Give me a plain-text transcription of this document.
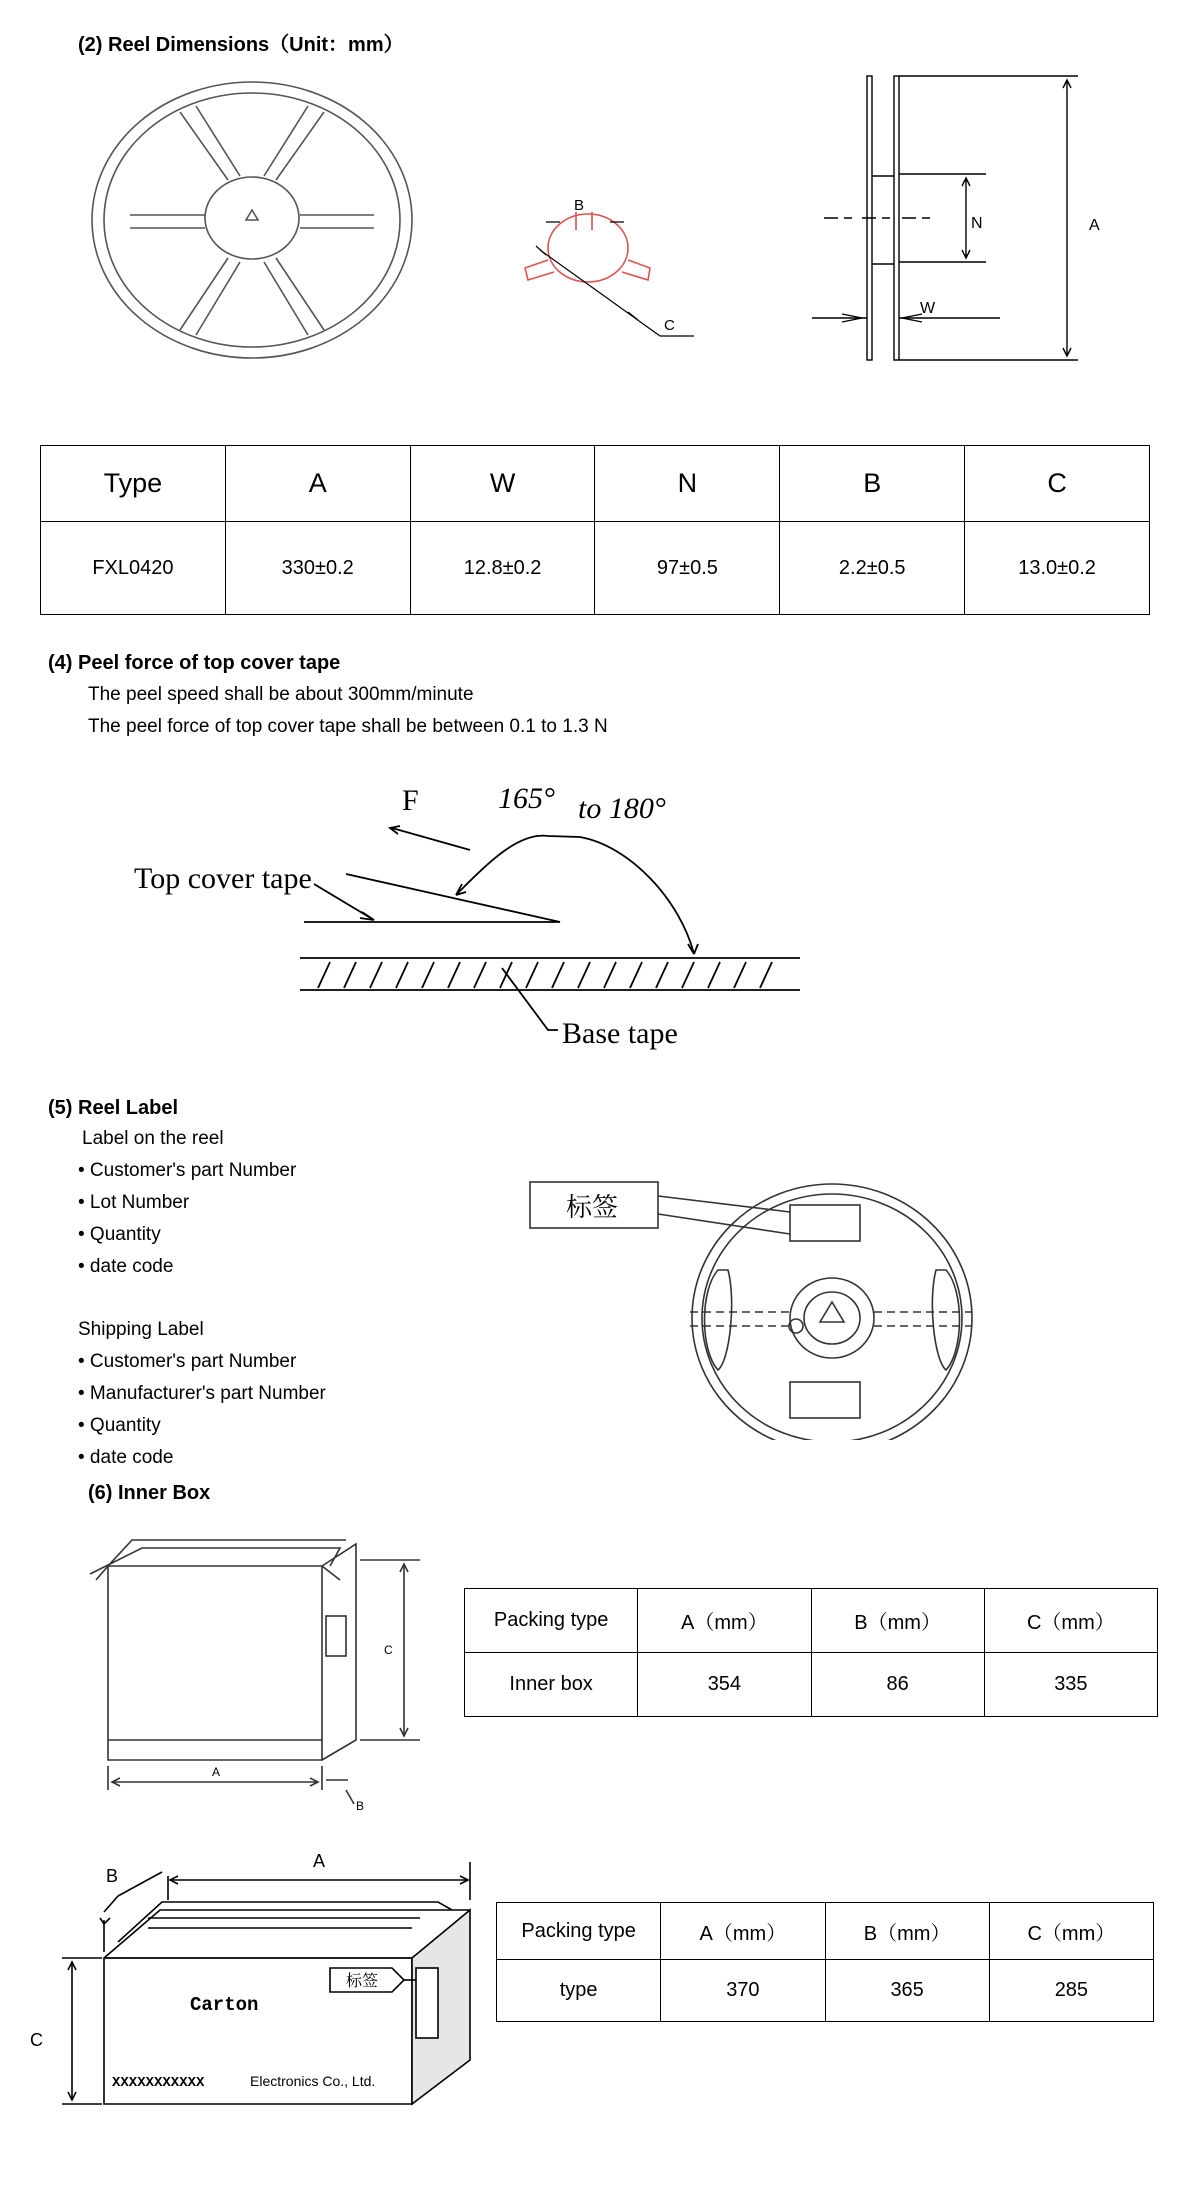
(2) Reel Dimensions（Unit：mm）
B
C
N
W
A
Type	A	W	N	B	C
FXL0420	330±0.2	12.8±0.2	97±0.5	2.2±0.5	13.0±0.2
(4) Peel force of top cover tape
The peel speed shall be about 300mm/minute
The peel force of top cover tape shall be between 0.1 to 1.3 N
F	165° to 180°
Top cover tape
Base tape
(5) Reel Label
Label on the reel
• Customer's part Number
• Lot Number
• Quantity
• date code
Shipping Label
• Customer's part Number
• Manufacturer's part Number
• Quantity
• date code
标签
(6) Inner Box
A
B
C
Packing type	A（mm）	B（mm）	C（mm）
Inner box	354	86	335
A
B
C
Carton
标签
XXXXXXXXXXX	Electronics Co., Ltd.
Packing type	A（mm）	B（mm）	C（mm）
type	370	365	285
